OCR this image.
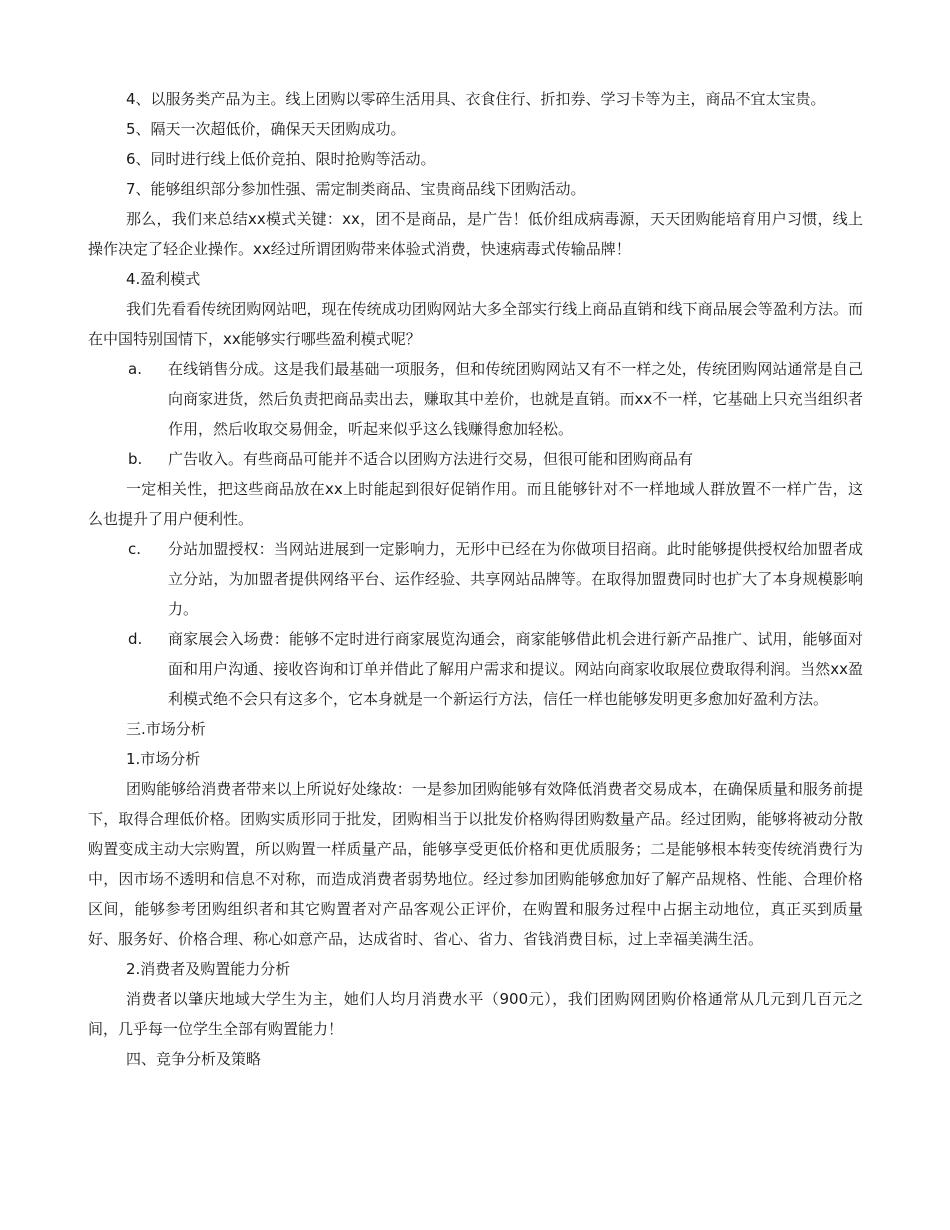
4、以服务类产品为主。线上团购以零碎生活用具、衣食住行、折扣券、学习卡等为主，商品不宜太宝贵。

5、隔天一次超低价，确保天天团购成功。

6、同时进行线上低价竞拍、限时抢购等活动。

7、能够组织部分参加性强、需定制类商品、宝贵商品线下团购活动。

那么，我们来总结xx模式关键：xx，团不是商品，是广告！低价组成病毒源，天天团购能培育用户习惯，线上操作决定了轻企业操作。xx经过所谓团购带来体验式消费，快速病毒式传输品牌！

4.盈利模式

我们先看看传统团购网站吧，现在传统成功团购网站大多全部实行线上商品直销和线下商品展会等盈利方法。而在中国特别国情下，xx能够实行哪些盈利模式呢？

a.	在线销售分成。这是我们最基础一项服务，但和传统团购网站又有不一样之处，传统团购网站通常是自己向商家进货，然后负责把商品卖出去，赚取其中差价，也就是直销。而xx不一样，它基础上只充当组织者作用，然后收取交易佣金，听起来似乎这么钱赚得愈加轻松。
b.	广告收入。有些商品可能并不适合以团购方法进行交易，但很可能和团购商品有

一定相关性，把这些商品放在xx上时能起到很好促销作用。而且能够针对不一样地域人群放置不一样广告，这么也提升了用户便利性。

c.	分站加盟授权：当网站进展到一定影响力，无形中已经在为你做项目招商。此时能够提供授权给加盟者成立分站，为加盟者提供网络平台、运作经验、共享网站品牌等。在取得加盟费同时也扩大了本身规模影响力。
d.	商家展会入场费：能够不定时进行商家展览沟通会，商家能够借此机会进行新产品推广、试用，能够面对面和用户沟通、接收咨询和订单并借此了解用户需求和提议。网站向商家收取展位费取得利润。当然xx盈利模式绝不会只有这多个，它本身就是一个新运行方法，信任一样也能够发明更多愈加好盈利方法。

三.市场分析

1.市场分析

团购能够给消费者带来以上所说好处缘故：一是参加团购能够有效降低消费者交易成本，在确保质量和服务前提下，取得合理低价格。团购实质形同于批发，团购相当于以批发价格购得团购数量产品。经过团购，能够将被动分散购置变成主动大宗购置，所以购置一样质量产品，能够享受更低价格和更优质服务；二是能够根本转变传统消费行为中，因市场不透明和信息不对称，而造成消费者弱势地位。经过参加团购能够愈加好了解产品规格、性能、合理价格区间，能够参考团购组织者和其它购置者对产品客观公正评价，在购置和服务过程中占据主动地位，真正买到质量好、服务好、价格合理、称心如意产品，达成省时、省心、省力、省钱消费目标，过上幸福美满生活。

2.消费者及购置能力分析

消费者以肇庆地域大学生为主，她们人均月消费水平（900元），我们团购网团购价格通常从几元到几百元之间，几乎每一位学生全部有购置能力！

四、竞争分析及策略
